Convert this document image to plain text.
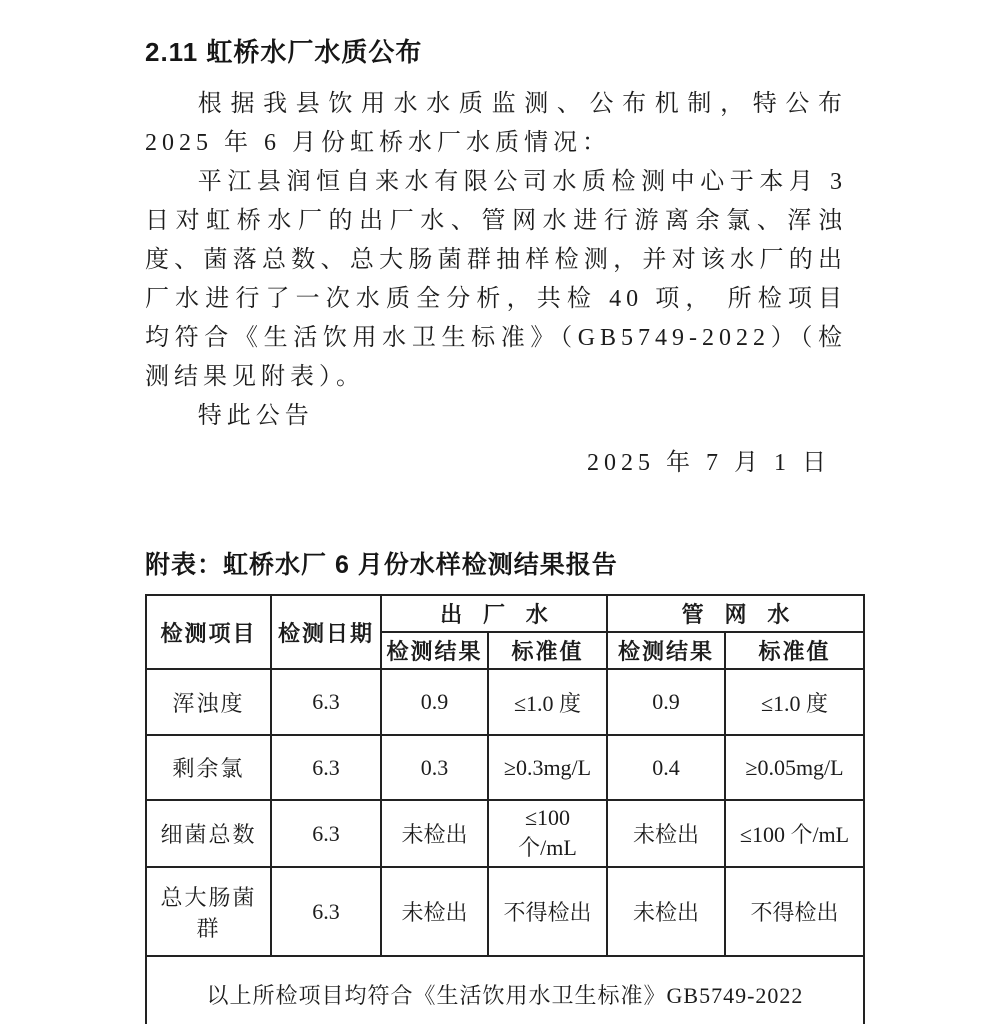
2.11 虹桥水厂水质公布

根据我县饮用水水质监测、公布机制，特公布 2025 年 6 月份虹桥水厂水质情况：

平江县润恒自来水有限公司水质检测中心于本月 3 日对虹桥水厂的出厂水、管网水进行游离余氯、浑浊度、菌落总数、总大肠菌群抽样检测，并对该水厂的出厂水进行了一次水质全分析，共检 40 项， 所检项目均符合《生活饮用水卫生标准》（GB5749-2022）（检测结果见附表）。

特此公告

2025 年 7 月 1 日

附表：虹桥水厂 6 月份水样检测结果报告
检测项目	检测日期	出厂水		管网水	
		检测结果	标准值	检测结果	标准值
浑浊度	6.3	0.9	≤1.0 度	0.9	≤1.0 度
剩余氯	6.3	0.3	≥0.3mg/L	0.4	≥0.05mg/L
细菌总数	6.3	未检出	≤100 个/mL	未检出	≤100 个/mL
总大肠菌群	6.3	未检出	不得检出	未检出	不得检出
以上所检项目均符合《生活饮用水卫生标准》GB5749-2022					
